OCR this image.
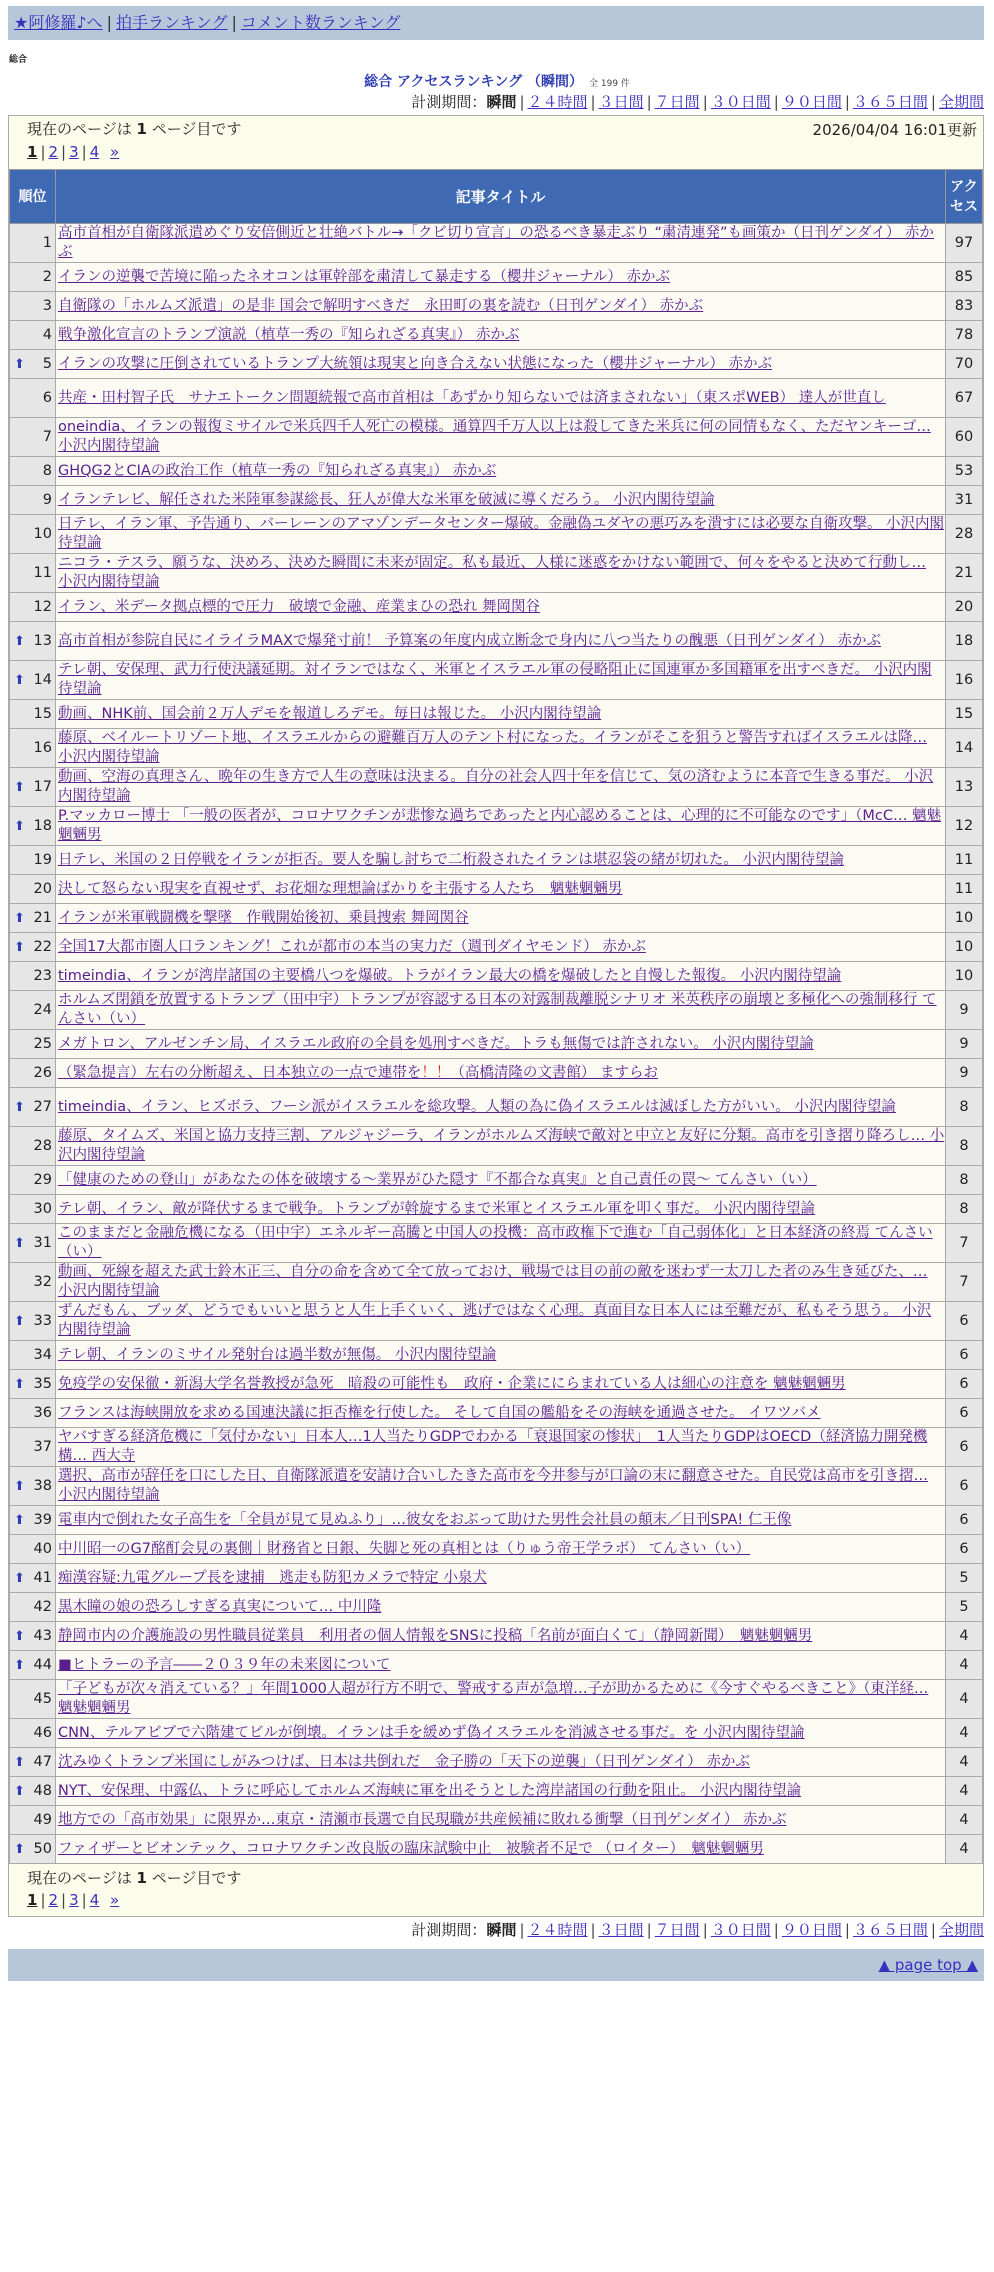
★阿修羅♪へ | 拍手ランキング | コメント数ランキング
総合
総合 アクセスランキング （瞬間） 全 199 件
計測期間：瞬間 | ２４時間 | ３日間 | ７日間 | ３０日間 | ９０日間 | ３６５日間 | 全期間
現在のページは 1 ページ目です	2026/04/04 16:01更新
1 | 2 | 3 | 4 »
順位	記事タイトル	アクセス
1	高市首相が自衛隊派遣めぐり安倍側近と壮絶バトル→「クビ切り宣言」の恐るべき暴走ぶり “粛清連発”も画策か（日刊ゲンダイ） 赤かぶ	97
2	イランの逆襲で苦境に陥ったネオコンは軍幹部を粛清して暴走する（櫻井ジャーナル） 赤かぶ	85
3	自衛隊の「ホルムズ派遣」の是非 国会で解明すべきだ　永田町の裏を読む（日刊ゲンダイ） 赤かぶ	83
4	戦争激化宣言のトランプ演説（植草一秀の『知られざる真実』） 赤かぶ	78

⬆ 5	イランの攻撃に圧倒されているトランプ大統領は現実と向き合えない状態になった（櫻井ジャーナル） 赤かぶ	70
6	共産・田村智子氏　サナエトークン問題続報で高市首相は「あずかり知らないでは済まされない」（東スポWEB） 達人が世直し	67
7	oneindia、イランの報復ミサイルで米兵四千人死亡の模様。通算四千万人以上は殺してきた米兵に何の同情もなく、ただヤンキーゴ… 小沢内閣待望論	60
8	GHQG2とCIAの政治工作（植草一秀の『知られざる真実』） 赤かぶ	53
9	イランテレビ、解任された米陸軍参謀総長、狂人が偉大な米軍を破滅に導くだろう。 小沢内閣待望論	31
10	日テレ、イラン軍、予告通り、バーレーンのアマゾンデータセンター爆破。金融偽ユダヤの悪巧みを潰すには必要な自衛攻撃。 小沢内閣待望論	28
11	ニコラ・テスラ、願うな、決めろ、決めた瞬間に未来が固定。私も最近、人様に迷惑をかけない範囲で、何々をやると決めて行動し… 小沢内閣待望論	21
12	イラン、米データ拠点標的で圧力　破壊で金融、産業まひの恐れ 舞岡関谷	20

⬆ 13	高市首相が参院自民にイライラMAXで爆発寸前！ 予算案の年度内成立断念で身内に八つ当たりの醜悪（日刊ゲンダイ） 赤かぶ	18

⬆ 14	テレ朝、安保理、武力行使決議延期。対イランではなく、米軍とイスラエル軍の侵略阻止に国連軍か多国籍軍を出すべきだ。 小沢内閣待望論	16
15	動画、NHK前、国会前２万人デモを報道しろデモ。毎日は報じた。 小沢内閣待望論	15
16	藤原、ベイルートリゾート地、イスラエルからの避難百万人のテント村になった。イランがそこを狙うと警告すればイスラエルは降… 小沢内閣待望論	14

⬆ 17	動画、空海の真理さん、晩年の生き方で人生の意味は決まる。自分の社会人四十年を信じて、気の済むように本音で生きる事だ。 小沢内閣待望論	13

⬆ 18	P.マッカロー博士 「一般の医者が、コロナワクチンが悲惨な過ちであったと内心認めることは、心理的に不可能なのです」（McC… 魑魅魍魎男	12
19	日テレ、米国の２日停戦をイランが拒否。要人を騙し討ちで二桁殺されたイランは堪忍袋の緒が切れた。 小沢内閣待望論	11
20	決して怒らない現実を直視せず、お花畑な理想論ばかりを主張する人たち　魑魅魍魎男	11

⬆ 21	イランが米軍戦闘機を撃墜　作戦開始後初、乗員捜索 舞岡関谷	10

⬆ 22	全国17大都市圏人口ランキング！これが都市の本当の実力だ（週刊ダイヤモンド） 赤かぶ	10
23	timeindia、イランが湾岸諸国の主要橋八つを爆破。トラがイラン最大の橋を爆破したと自慢した報復。 小沢内閣待望論	10
24	ホルムズ閉鎖を放置するトランプ（田中宇）トランプが容認する日本の対露制裁離脱シナリオ 米英秩序の崩壊と多極化への強制移行 てんさい（い）	9
25	メガトロン、アルゼンチン局、イスラエル政府の全員を処刑すべきだ。トラも無傷では許されない。 小沢内閣待望論	9
26	（緊急提言）左右の分断超え、日本独立の一点で連帯を！！（高橋清隆の文書館） ますらお	9

⬆ 27	timeindia、イラン、ヒズボラ、フーシ派がイスラエルを総攻撃。人類の為に偽イスラエルは滅ぼした方がいい。 小沢内閣待望論	8
28	藤原、タイムズ、米国と協力支持三割、アルジャジーラ、イランがホルムズ海峡で敵対と中立と友好に分類。高市を引き摺り降ろし… 小沢内閣待望論	8
29	「健康のための登山」があなたの体を破壊する〜業界がひた隠す『不都合な真実』と自己責任の罠〜 てんさい（い）	8
30	テレ朝、イラン、敵が降伏するまで戦争。トランプが斡旋するまで米軍とイスラエル軍を叩く事だ。 小沢内閣待望論	8

⬆ 31	このままだと金融危機になる（田中宇）エネルギー高騰と中国人の投機：高市政権下で進む「自己弱体化」と日本経済の終焉 てんさい（い）	7
32	動画、死線を超えた武士鈴木正三、自分の命を含めて全て放っておけ、戦場では目の前の敵を迷わず一太刀した者のみ生き延びた、… 小沢内閣待望論	7

⬆ 33	ずんだもん、ブッダ、どうでもいいと思うと人生上手くいく、逃げではなく心理。真面目な日本人には至難だが、私もそう思う。 小沢内閣待望論	6
34	テレ朝、イランのミサイル発射台は過半数が無傷。 小沢内閣待望論	6

⬆ 35	免疫学の安保徹・新潟大学名誉教授が急死　暗殺の可能性も　政府・企業ににらまれている人は細心の注意を 魑魅魍魎男	6
36	フランスは海峡開放を求める国連決議に拒否権を行使した。 そして自国の艦船をその海峡を通過させた。 イワツバメ	6
37	ヤバすぎる経済危機に「気付かない」日本人…1人当たりGDPでわかる「衰退国家の惨状」　1人当たりGDPはOECD（経済協力開発機構… 西大寺	6

⬆ 38	選択、高市が辞任を口にした日、自衛隊派遣を安請け合いしたきた高市を今井参与が口論の末に翻意させた。自民党は高市を引き摺… 小沢内閣待望論	6

⬆ 39	電車内で倒れた女子高生を「全員が見て見ぬふり」…彼女をおぶって助けた男性会社員の顛末／日刊SPA! 仁王像	6
40	中川昭一のG7酩酊会見の裏側｜財務省と日銀、失脚と死の真相とは（りゅう帝王学ラボ） てんさい（い）	6

⬆ 41	痴漢容疑:九電グループ長を逮捕　逃走も防犯カメラで特定 小泉犬	5
42	黒木瞳の娘の恐ろしすぎる真実について… 中川隆	5

⬆ 43	静岡市内の介護施設の男性職員従業員　利用者の個人情報をSNSに投稿「名前が面白くて」（静岡新聞）　魑魅魍魎男	4

⬆ 44	■ヒトラーの予言――２０３９年の未来図について	4
45	「子どもが次々消えている？」年間1000人超が行方不明で、警戒する声が急増…子が助かるために《今すぐやるべきこと》（東洋経… 魑魅魍魎男	4
46	CNN、テルアビブで六階建てビルが倒壊。イランは手を緩めず偽イスラエルを消滅させる事だ。を 小沢内閣待望論	4

⬆ 47	沈みゆくトランプ米国にしがみつけば、日本は共倒れだ　金子勝の「天下の逆襲」（日刊ゲンダイ） 赤かぶ	4

⬆ 48	NYT、安保理、中露仏、トラに呼応してホルムズ海峡に軍を出そうとした湾岸諸国の行動を阻止。 小沢内閣待望論	4
49	地方での「高市効果」に限界か…東京・清瀬市長選で自民現職が共産候補に敗れる衝撃（日刊ゲンダイ） 赤かぶ	4

⬆ 50	ファイザーとビオンテック、コロナワクチン改良版の臨床試験中止　被験者不足で （ロイター）　魑魅魍魎男	4
現在のページは 1 ページ目です
1 | 2 | 3 | 4 »
計測期間：瞬間 | ２４時間 | ３日間 | ７日間 | ３０日間 | ９０日間 | ３６５日間 | 全期間
▲ page top ▲
